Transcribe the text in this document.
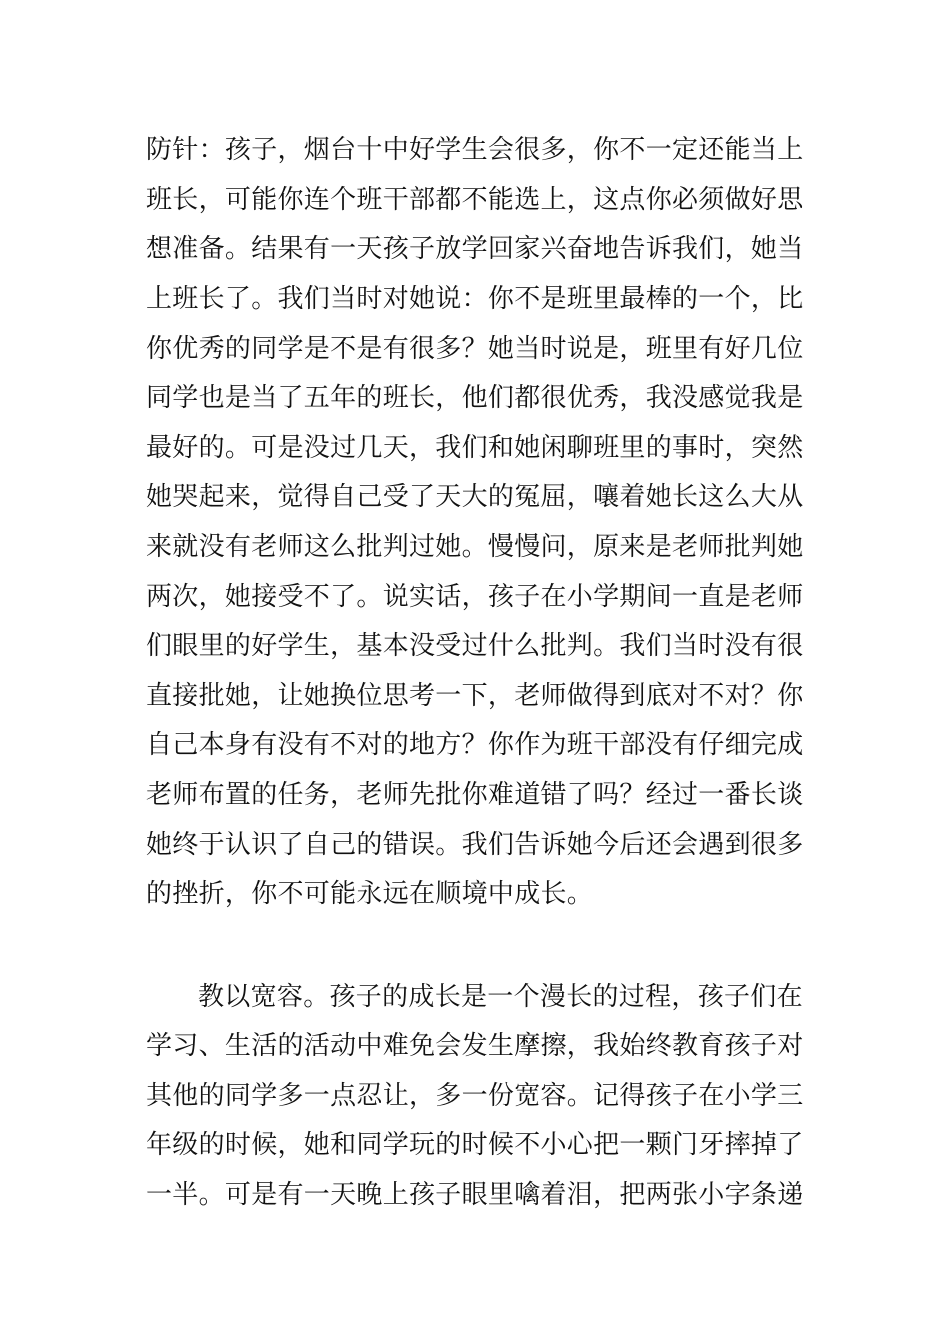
防针：孩子，烟台十中好学生会很多，你不一定还能当上
班长，可能你连个班干部都不能选上，这点你必须做好思
想准备。结果有一天孩子放学回家兴奋地告诉我们，她当
上班长了。我们当时对她说：你不是班里最棒的一个，比
你优秀的同学是不是有很多？她当时说是，班里有好几位
同学也是当了五年的班长，他们都很优秀，我没感觉我是
最好的。可是没过几天，我们和她闲聊班里的事时，突然
她哭起来，觉得自己受了天大的冤屈，嚷着她长这么大从
来就没有老师这么批判过她。慢慢问，原来是老师批判她
两次，她接受不了。说实话，孩子在小学期间一直是老师
们眼里的好学生，基本没受过什么批判。我们当时没有很
直接批她，让她换位思考一下，老师做得到底对不对？你
自己本身有没有不对的地方？你作为班干部没有仔细完成
老师布置的任务，老师先批你难道错了吗？经过一番长谈
她终于认识了自己的错误。我们告诉她今后还会遇到很多
的挫折，你不可能永远在顺境中成长。
教以宽容。孩子的成长是一个漫长的过程，孩子们在
学习、生活的活动中难免会发生摩擦，我始终教育孩子对
其他的同学多一点忍让，多一份宽容。记得孩子在小学三
年级的时候，她和同学玩的时候不小心把一颗门牙摔掉了
一半。可是有一天晚上孩子眼里噙着泪，把两张小字条递
